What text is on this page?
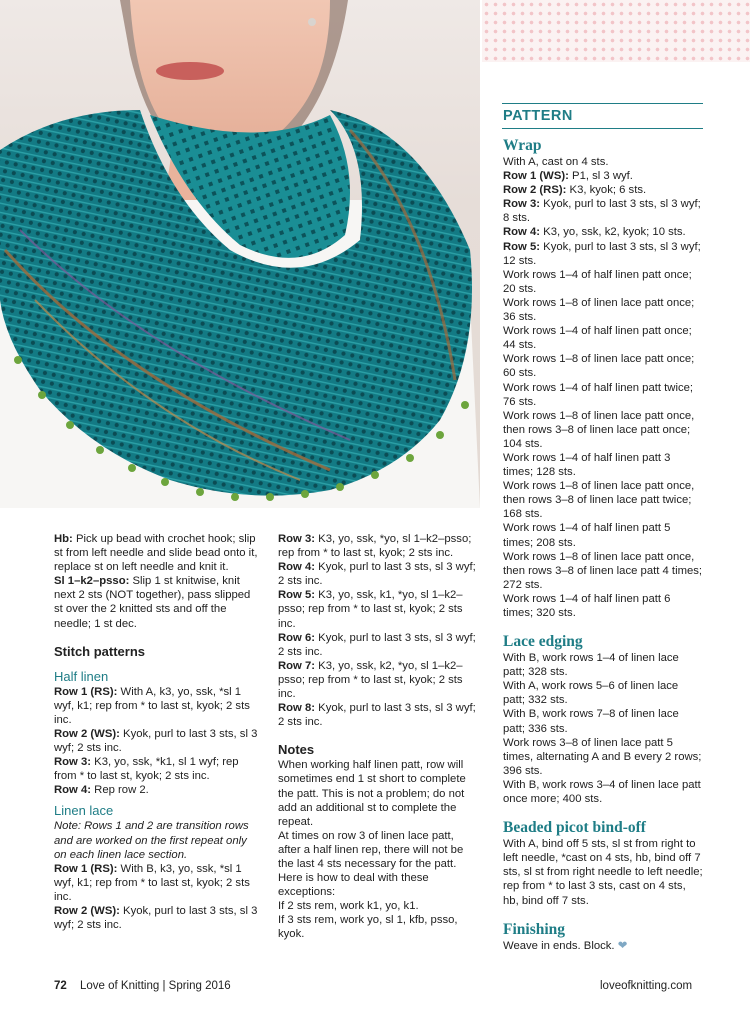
Hb: Pick up bead with crochet hook; slip st from left needle and slide bead onto it, replace st on left needle and knit it.

Sl 1–k2–psso: Slip 1 st knitwise, knit next 2 sts (NOT together), pass slipped st over the 2 knitted sts and off the needle; 1 st dec.

Stitch patterns

Half linen

Row 1 (RS): With A, k3, yo, ssk, *sl 1 wyf, k1; rep from * to last st, kyok; 2 sts inc.

Row 2 (WS): Kyok, purl to last 3 sts, sl 3 wyf; 2 sts inc.

Row 3: K3, yo, ssk, *k1, sl 1 wyf; rep from * to last st, kyok; 2 sts inc.

Row 4: Rep row 2.

Linen lace

Note: Rows 1 and 2 are transition rows and are worked on the first repeat only on each linen lace section.

Row 1 (RS): With B, k3, yo, ssk, *sl 1 wyf, k1; rep from * to last st, kyok; 2 sts inc.

Row 2 (WS): Kyok, purl to last 3 sts, sl 3 wyf; 2 sts inc.

Row 3: K3, yo, ssk, *yo, sl 1–k2–psso; rep from * to last st, kyok; 2 sts inc.

Row 4: Kyok, purl to last 3 sts, sl 3 wyf; 2 sts inc.

Row 5: K3, yo, ssk, k1, *yo, sl 1–k2–psso; rep from * to last st, kyok; 2 sts inc.

Row 6: Kyok, purl to last 3 sts, sl 3 wyf; 2 sts inc.

Row 7: K3, yo, ssk, k2, *yo, sl 1–k2–psso; rep from * to last st, kyok; 2 sts inc.

Row 8: Kyok, purl to last 3 sts, sl 3 wyf; 2 sts inc.

Notes

When working half linen patt, row will sometimes end 1 st short to complete the patt. This is not a problem; do not add an additional st to complete the repeat.

At times on row 3 of linen lace patt, after a half linen rep, there will not be the last 4 sts necessary for the patt. Here is how to deal with these exceptions:

If 2 sts rem, work k1, yo, k1.

If 3 sts rem, work yo, sl 1, kfb, psso, kyok.

PATTERN

Wrap

With A, cast on 4 sts.

Row 1 (WS): P1, sl 3 wyf.

Row 2 (RS): K3, kyok; 6 sts.

Row 3: Kyok, purl to last 3 sts, sl 3 wyf; 8 sts.

Row 4: K3, yo, ssk, k2, kyok; 10 sts.

Row 5: Kyok, purl to last 3 sts, sl 3 wyf; 12 sts.

Work rows 1–4 of half linen patt once; 20 sts.

Work rows 1–8 of linen lace patt once; 36 sts.

Work rows 1–4 of half linen patt once; 44 sts.

Work rows 1–8 of linen lace patt once; 60 sts.

Work rows 1–4 of half linen patt twice; 76 sts.

Work rows 1–8 of linen lace patt once, then rows 3–8 of linen lace patt once; 104 sts.

Work rows 1–4 of half linen patt 3 times; 128 sts.

Work rows 1–8 of linen lace patt once, then rows 3–8 of linen lace patt twice; 168 sts.

Work rows 1–4 of half linen patt 5 times; 208 sts.

Work rows 1–8 of linen lace patt once, then rows 3–8 of linen lace patt 4 times; 272 sts.

Work rows 1–4 of half linen patt 6 times; 320 sts.

Lace edging

With B, work rows 1–4 of linen lace patt; 328 sts.

With A, work rows 5–6 of linen lace patt; 332 sts.

With B, work rows 7–8 of linen lace patt; 336 sts.

Work rows 3–8 of linen lace patt 5 times, alternating A and B every 2 rows; 396 sts.

With B, work rows 3–4 of linen lace patt once more; 400 sts.

Beaded picot bind-off

With A, bind off 5 sts, sl st from right to left needle, *cast on 4 sts, hb, bind off 7 sts, sl st from right needle to left needle; rep from * to last 3 sts, cast on 4 sts, hb, bind off 7 sts.

Finishing

Weave in ends. Block. ❤

72 Love of Knitting | Spring 2016	loveofknitting.com
